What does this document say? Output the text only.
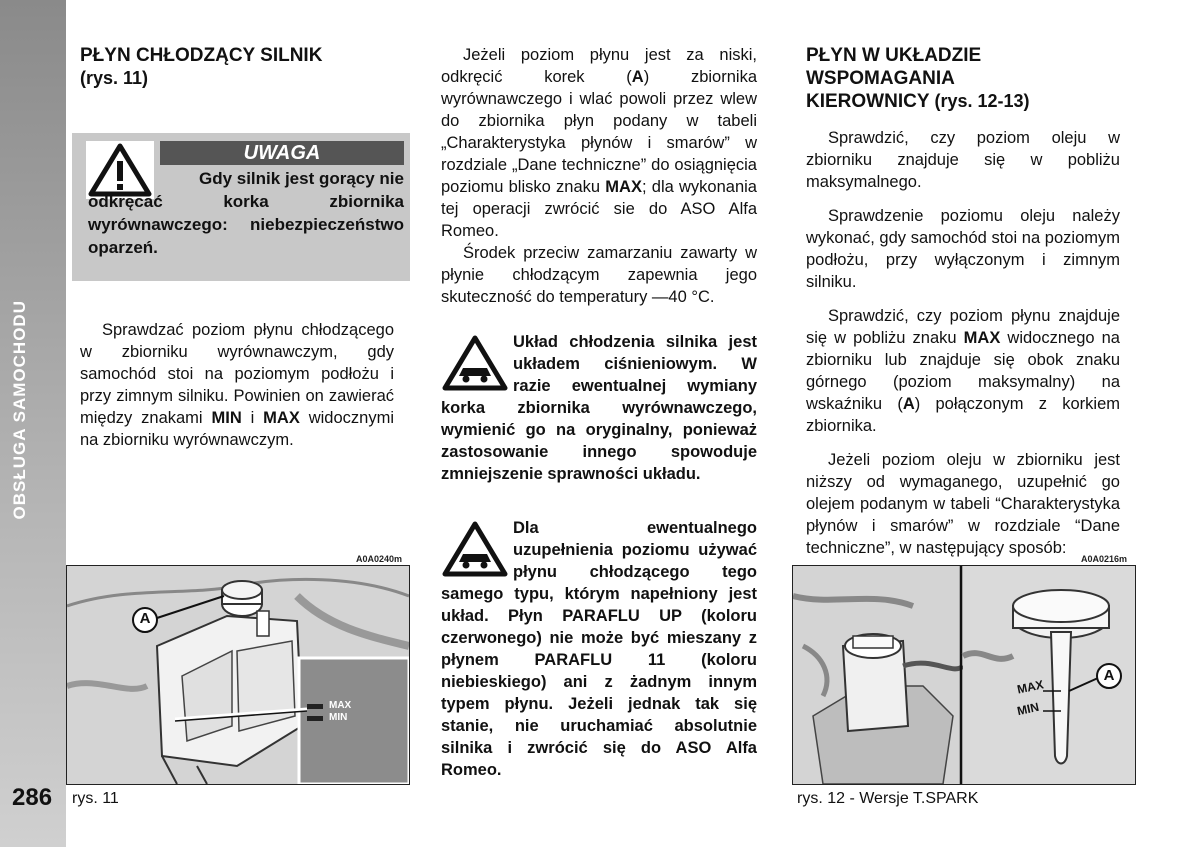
OBSŁUGA SAMOCHODU
286
PŁYN CHŁODZĄCY SILNIK
(rys. 11)
UWAGA
Gdy silnik jest gorący nie
odkręcać korka zbiornika wyrównawczego: niebezpieczeństwo oparzeń.

Sprawdzać poziom płynu chłodzącego w zbiorniku wyrównawczym, gdy samochód stoi na poziomym podłożu i przy zimnym silniku. Powinien on zawierać między znakami MIN i MAX widocznymi na zbiorniku wyrównawczym.

A0A0240m
A
MAX
MIN
rys. 11

Jeżeli poziom płynu jest za niski, odkręcić korek (A) zbiornika wyrównawczego i wlać powoli przez wlew do zbiornika płyn podany w tabeli „Charakterystyka płynów i smarów” w rozdziale „Dane techniczne” do osiągnięcia poziomu blisko znaku MAX; dla wykonania tej operacji zwrócić sie do ASO Alfa Romeo.

Środek przeciw zamarzaniu zawarty w płynie chłodzącym zapewnia jego skuteczność do temperatury —40 °C.

Układ chłodzenia silnika jest układem ciśnieniowym. W razie ewentualnej wymiany korka zbiornika wyrównawczego, wymienić go na oryginalny, ponieważ zastosowanie innego spowoduje zmniejszenie sprawności układu.
Dla ewentualnego uzupełnienia poziomu używać płynu chłodzącego tego samego typu, którym napełniony jest układ. Płyn PARAFLU UP (koloru czerwonego) nie może być mieszany z płynem PARAFLU 11 (koloru niebieskiego) ani z żadnym innym typem płynu. Jeżeli jednak tak się stanie, nie uruchamiać absolutnie silnika i zwrócić się do ASO Alfa Romeo.
PŁYN W UKŁADZIE
WSPOMAGANIA
KIEROWNICY (rys. 12-13)

Sprawdzić, czy poziom oleju w zbiorniku znajduje się w pobliżu maksymalnego.

Sprawdzenie poziomu oleju należy wykonać, gdy samochód stoi na poziomym podłożu, przy wyłączonym i zimnym silniku.

Sprawdzić, czy poziom płynu znajduje się w pobliżu znaku MAX widocznego na zbiorniku lub znajduje się obok znaku górnego (poziom maksymalny) na wskaźniku (A) połączonym z korkiem zbiornika.

Jeżeli poziom oleju w zbiorniku jest niższy od wymaganego, uzupełnić go olejem podanym w tabeli “Charakterystyka płynów i smarów” w rozdziale “Dane techniczne”, w następujący sposób:

A0A0216m
A
MAX
MIN
rys. 12 - Wersje T.SPARK
